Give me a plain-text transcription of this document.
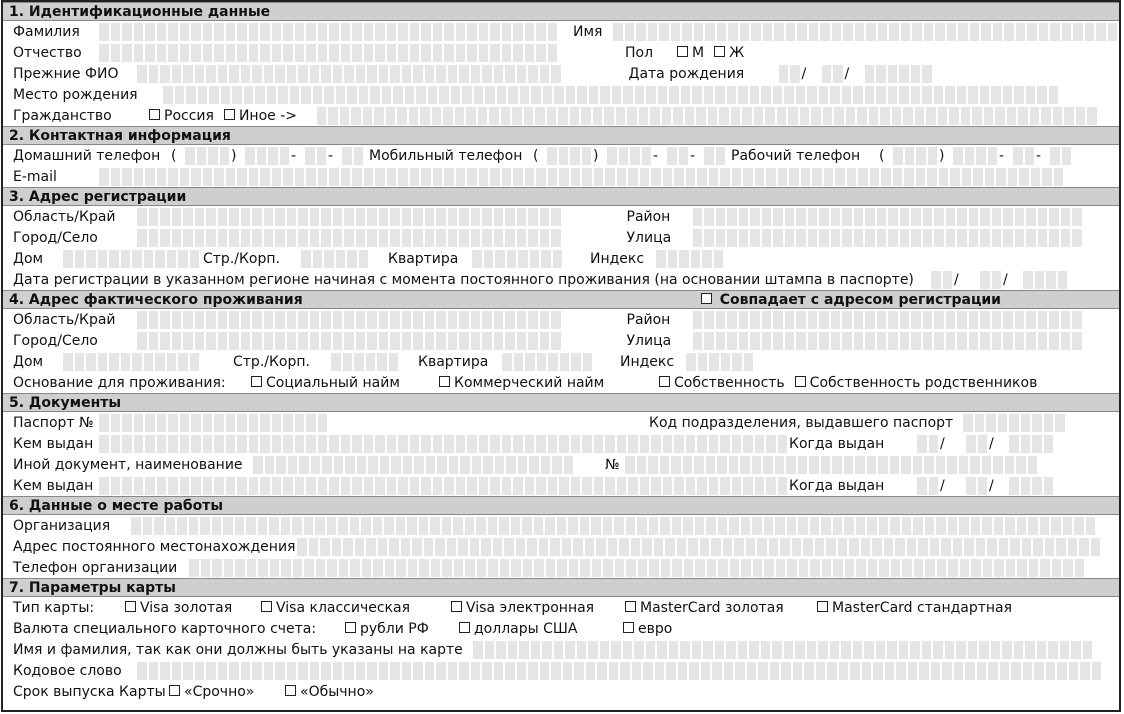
1. Идентификационные данные
Фамилия	Имя
Отчество	Пол	М Ж
Прежние ФИО	Дата рождения	/	/
Место рождения
Гражданство	Россия Иное ->
2. Контактная информация
Домашний телефон (	)	-	-	Мобильный телефон (	)	-	-	Рабочий телефон	(	)	-	-
E-mail
3. Адрес регистрации
Область/Край	Район
Город/Село	Улица
Дом	Стр./Корп.	Квартира	Индекс
Дата регистрации в указанном регионе начиная с момента постоянного проживания (на основании штампа в паспорте)	/	/
4. Адрес фактического проживания	Совпадает с адресом регистрации
Область/Край	Район
Город/Село	Улица
Дом	Стр./Корп.	Квартира	Индекс
Основание для проживания:	Социальный найм	Коммерческий найм	Собственность Собственность родственников
5. Документы
Паспорт №	Код подразделения, выдавшего паспорт
Кем выдан	Когда выдан	/	/
Иной документ, наименование	№
Кем выдан	Когда выдан	/	/
6. Данные о месте работы
Организация
Адрес постоянного местонахождения
Телефон организации
7. Параметры карты
Тип карты:	Visa золотая	Visa классическая	Visa электронная	MasterCard золотая	MasterCard стандартная
Валюта специального карточного счета:	рубли РФ	доллары США	евро
Имя и фамилия, так как они должны быть указаны на карте
Кодовое слово
Срок выпуска Карты «Срочно»	«Обычно»
